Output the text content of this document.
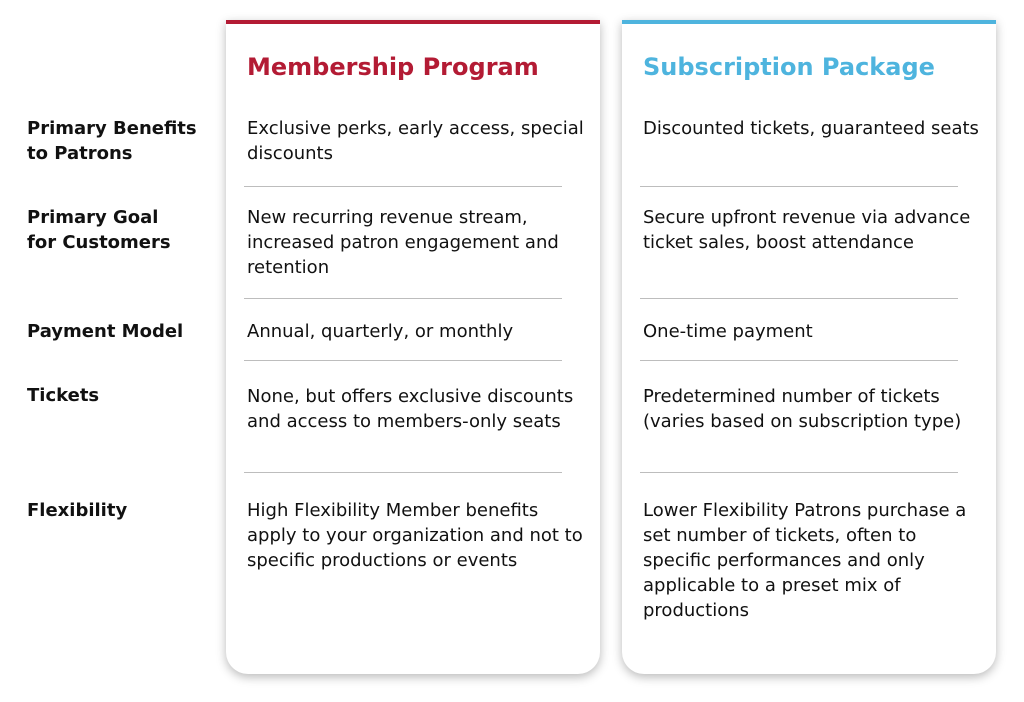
Primary Benefits
to Patrons
Primary Goal
for Customers
Payment Model
Tickets
Flexibility
Membership Program
Exclusive perks, early access, special discounts
New recurring revenue stream, increased patron engagement and retention
Annual, quarterly, or monthly
None, but offers exclusive discounts and access to members-only seats
High Flexibility Member benefits apply to your organization and not to specific productions or events
Subscription Package
Discounted tickets, guaranteed seats
Secure upfront revenue via advance ticket sales, boost attendance
One-time payment
Predetermined number of tickets (varies based on subscription type)
Lower Flexibility Patrons purchase a set number of tickets, often to specific performances and only applicable to a preset mix of productions
